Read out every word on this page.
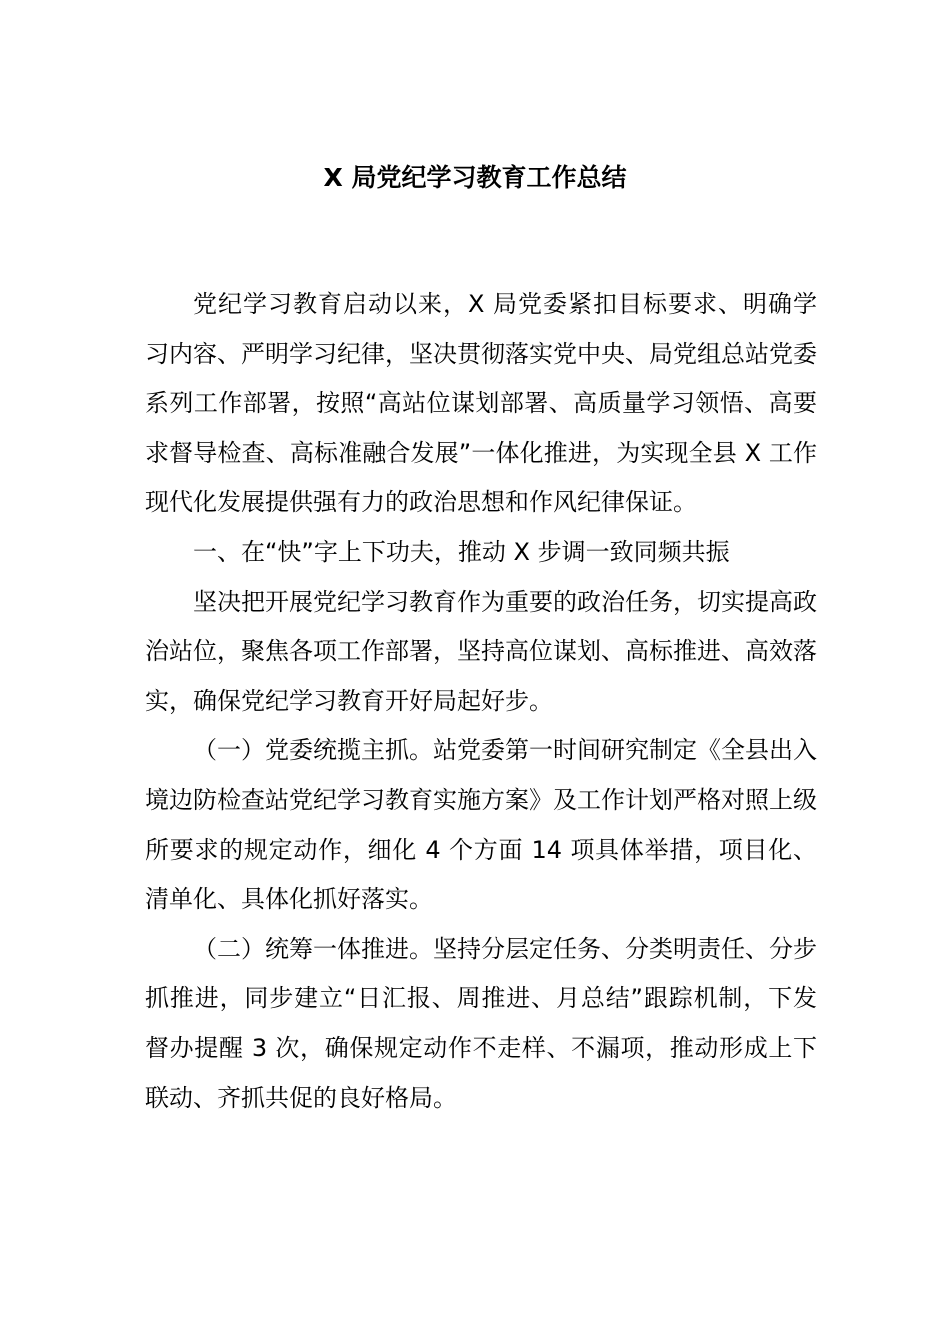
X 局党纪学习教育工作总结

党纪学习教育启动以来，X 局党委紧扣目标要求、明确学习内容、严明学习纪律，坚决贯彻落实党中央、局党组总站党委系列工作部署，按照“高站位谋划部署、高质量学习领悟、高要求督导检查、高标准融合发展”一体化推进，为实现全县 X 工作现代化发展提供强有力的政治思想和作风纪律保证。

一、在“快”字上下功夫，推动 X 步调一致同频共振

坚决把开展党纪学习教育作为重要的政治任务，切实提高政治站位，聚焦各项工作部署，坚持高位谋划、高标推进、高效落实，确保党纪学习教育开好局起好步。

（一）党委统揽主抓。站党委第一时间研究制定《全县出入境边防检查站党纪学习教育实施方案》及工作计划严格对照上级所要求的规定动作，细化 4 个方面 14 项具体举措，项目化、清单化、具体化抓好落实。

（二）统筹一体推进。坚持分层定任务、分类明责任、分步抓推进，同步建立“日汇报、周推进、月总结”跟踪机制，下发督办提醒 3 次，确保规定动作不走样、不漏项，推动形成上下联动、齐抓共促的良好格局。
